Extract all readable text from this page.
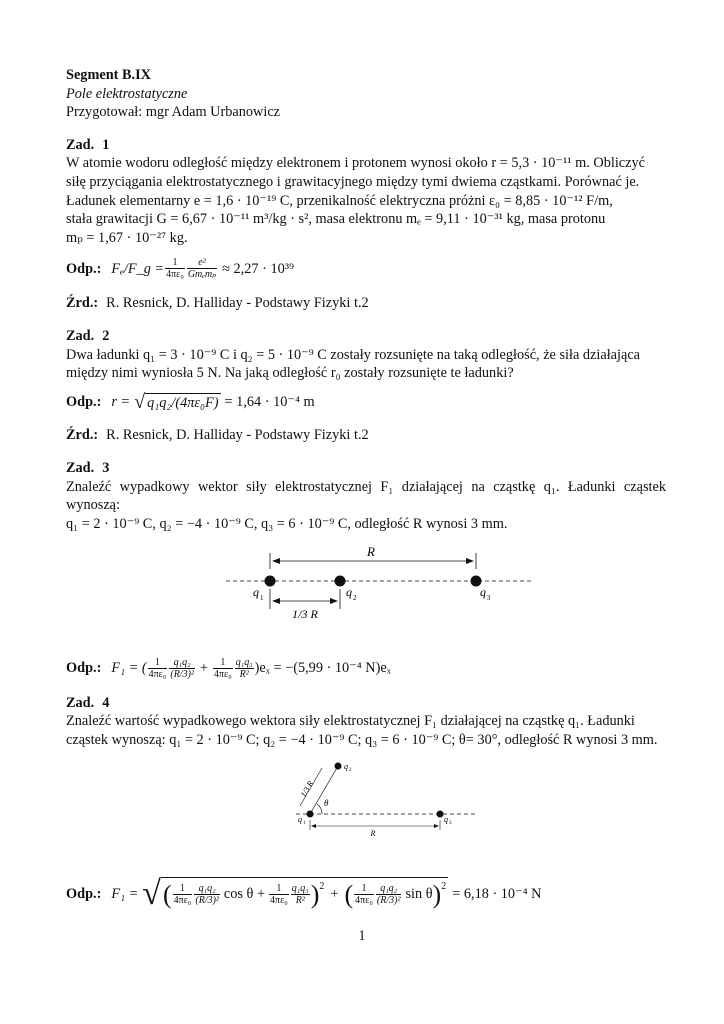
Segment B.IX
Pole elektrostatyczne
Przygotował: mgr Adam Urbanowicz
Zad. 1
W atomie wodoru odległość między elektronem i protonem wynosi około r = 5,3 · 10⁻¹¹ m. Obliczyć
siłę przyciągania elektrostatycznego i grawitacyjnego między tymi dwiema cząstkami. Porównać je.
Ładunek elementarny e = 1,6 · 10⁻¹⁹ C, przenikalność elektryczna próżni ε₀ = 8,85 · 10⁻¹² F/m,
stała grawitacji G = 6,67 · 10⁻¹¹ m³/kg · s², masa elektronu mₑ = 9,11 · 10⁻³¹ kg, masa protonu
mₚ = 1,67 · 10⁻²⁷ kg.
Odp.: Fₑ/F_g = $\frac{1}{\text{4πε₀}} \frac{\text{e²}}{\text{Gmₑmₚ}} \approx 2,27 \cdot 10^{39}$
Źrd.: R. Resnick, D. Halliday - Podstawy Fizyki t.2
Zad. 2
Dwa ładunki q₁ = 3 · 10⁻⁹ C i q₂ = 5 · 10⁻⁹ C zostały rozsunięte na taką odległość, że siła działająca
między nimi wyniosła 5 N. Na jaką odległość r₀ zostały rozsunięte te ładunki?
Odp.: r = √ q₁q₂/(4πε₀F) = 1,64 · 10⁻⁴ m
Źrd.: R. Resnick, D. Halliday - Podstawy Fizyki t.2
Zad. 3
Znaleźć wypadkowy wektor siły elektrostatycznej F₁ działającej na cząstkę q₁. Ładunki cząstek wynoszą:
q₁ = 2 · 10⁻⁹ C, q₂ = −4 · 10⁻⁹ C, q₃ = 6 · 10⁻⁹ C, odległość R wynosi 3 mm.
R
q 1	q 2	q 3
1/3 R
Odp.: F₁ = ( $\frac{1}{\text{4πε₀}} \frac{\text{q₁q₂}}{\text{(R/3)²}} + \frac{1}{\text{4πε₀}} \frac{\text{q₁q₃}}{\text{R²}} )e_x = -(5,99 \cdot 10^{-4}$ N)eₓ
Zad. 4
Znaleźć wartość wypadkowego wektora siły elektrostatycznej F₁ działającej na cząstkę q₁. Ładunki
cząstek wynoszą: q₁ = 2 · 10⁻⁹ C; q₂ = −4 · 10⁻⁹ C; q₃ = 6 · 10⁻⁹ C; θ= 30°, odległość R wynosi 3 mm.
θ
q 2
q 1	q 3
1/3 R
R
Odp.: F₁ = √ ( $\frac{1}{\text{4πε₀}} \frac{\text{q₁q₂}}{\text{(R/3)²}}$ $\cos \theta + \frac{1}{\text{4πε₀}} \frac{\text{q₁q₃}}{\text{R²}} )^2$ + ( $\frac{1}{\text{4πε₀}} \frac{\text{q₁q₂}}{\text{(R/3)²}}$ sin θ )$^2$ = 6,18 · 10⁻⁴ N
1
